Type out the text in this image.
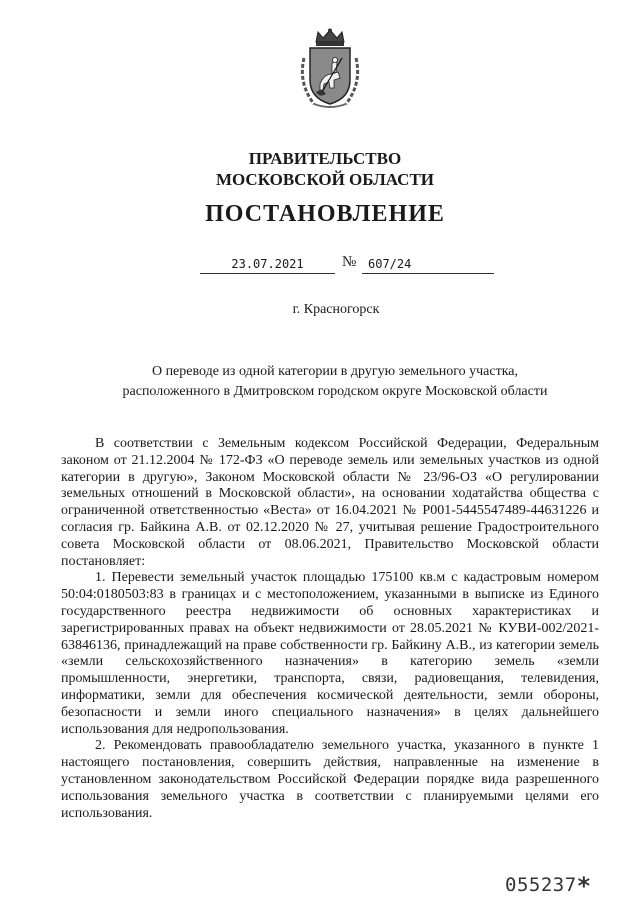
ПРАВИТЕЛЬСТВО
МОСКОВСКОЙ ОБЛАСТИ
ПОСТАНОВЛЕНИЕ
23.07.2021	№ 607/24
г. Красногорск
О переводе из одной категории в другую земельного участка,
расположенного в Дмитровском городском округе Московской области

В соответствии с Земельным кодексом Российской Федерации, Федеральным законом от 21.12.2004 № 172-ФЗ «О переводе земель или земельных участков из одной категории в другую», Законом Московской области № 23/96-ОЗ «О регулировании земельных отношений в Московской области», на основании ходатайства общества с ограниченной ответственностью «Веста» от 16.04.2021 № Р001-5445547489-44631226 и согласия гр. Байкина А.В. от 02.12.2020 № 27, учитывая решение Градостроительного совета Московской области от 08.06.2021, Правительство Московской области постановляет:

1. Перевести земельный участок площадью 175100 кв.м с кадастровым номером 50:04:0180503:83 в границах и с местоположением, указанными в выписке из Единого государственного реестра недвижимости об основных характеристиках и зарегистрированных правах на объект недвижимости от 28.05.2021 № КУВИ-002/2021-63846136, принадлежащий на праве собственности гр. Байкину А.В., из категории земель «земли сельскохозяйственного назначения» в категорию земель «земли промышленности, энергетики, транспорта, связи, радиовещания, телевидения, информатики, земли для обеспечения космической деятельности, земли обороны, безопасности и земли иного специального назначения» в целях дальнейшего использования для недропользования.

2. Рекомендовать правообладателю земельного участка, указанного в пункте 1 настоящего постановления, совершить действия, направленные на изменение в установленном законодательством Российской Федерации порядке вида разрешенного использования земельного участка в соответствии с планируемыми целями его использования.

055237*
